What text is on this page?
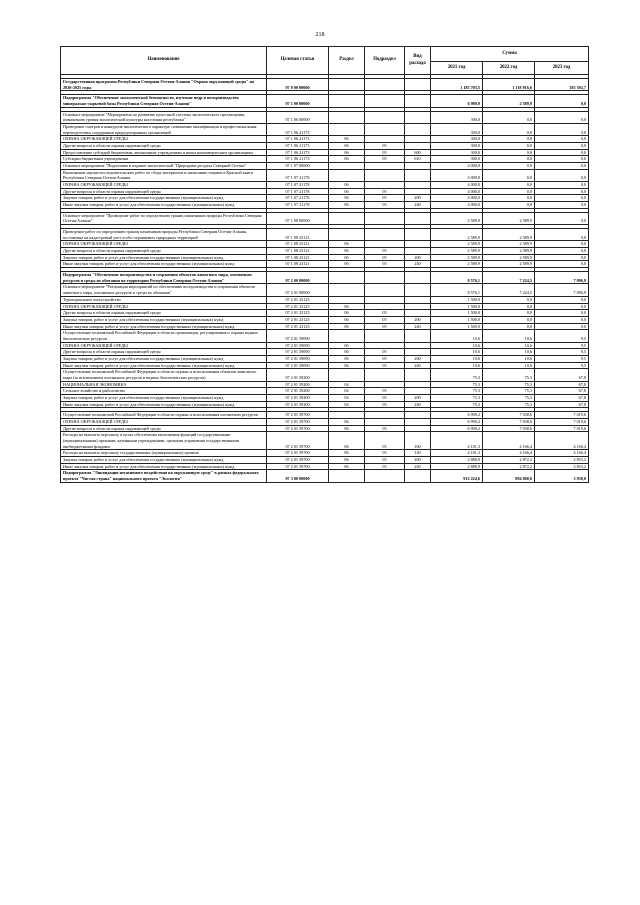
218
Наименование	Целевая статья	Раздел	Подраздел	Вид расхода	Сумма		
					2021 год	2022 год	2023 год

Государственная программа Республики Северная Осетия-Алания "Охрана окружающей среды" на 2020-2025 годы	07 0 00 00000				1 185 703,5	1 118 916,6	185 392,7

Подпрограмма "Обеспечение экологической безопасности, изучение недр и воспроизводство минерально-сырьевой базы Республики Северная Осетия-Алания"	07 1 00 00000				6 989,9	2 589,9	0,0

Основное мероприятие "Мероприятия по развитию целостной системы экологического просвещения, повышению уровня экологической культуры населения республики"	07 1 06 00000				300,0	0,0	0,0
Проведение смотров и конкурсов экологического характера, повышение квалификации и профессиональная переподготовка сотрудников природоохранных организаций	07 1 06 21173				300,0	0,0	0,0
ОХРАНА ОКРУЖАЮЩЕЙ СРЕДЫ	07 1 06 21173	06			300,0	0,0	0,0
Другие вопросы в области охраны окружающей среды	07 1 06 21173	06	05		300,0	0,0	0,0
Предоставление субсидий бюджетным, автономным учреждениям и иным некоммерческим организациям	07 1 06 21173	06	05	600	300,0	0,0	0,0
Субсидии бюджетным учреждениям	07 1 06 21173	06	05	610	300,0	0,0	0,0
Основное мероприятие "Подготовка и издание экологической "Природные ресурсы Северной Осетии"	07 1 07 00000				4 000,0	0,0	0,0
Выполнение научно-исследовательских работ по сбору материалов и написанию очерков в Красной книги Республики Северная Осетия-Алания	07 1 07 21178				4 000,0	0,0	0,0
ОХРАНА ОКРУЖАЮЩЕЙ СРЕДЫ	07 1 07 21178	06			4 000,0	0,0	0,0
Другие вопросы в области охраны окружающей среды	07 1 07 21178	06	05		4 000,0	0,0	0,0
Закупка товаров, работ и услуг для обеспечения государственных (муниципальных) нужд	07 1 07 21178	06	05	200	4 000,0	0,0	0,0
Иные закупки товаров, работ и услуг для обеспечения государственных (муниципальных) нужд	07 1 07 21178	06	05	240	4 000,0	0,0	0,0

Основное мероприятие "Проведение работ по определению границ памятников природы Республики Северная Осетия-Алания"	07 1 08 00000				2 589,9	2 589,9	0,0

Проведение работ по определению границ памятников природы Республики Северная Осетия-Алания, постановка на кадастровый учет особо охраняемых природных территорий	07 1 08 23121				2 589,9	2 589,9	0,0
ОХРАНА ОКРУЖАЮЩЕЙ СРЕДЫ	07 1 08 23121	06			2 589,9	2 589,9	0,0
Другие вопросы в области охраны окружающей среды	07 1 08 23121	06	05		2 589,9	2 589,9	0,0
Закупка товаров, работ и услуг для обеспечения государственных (муниципальных) нужд	07 1 08 23121	06	05	200	2 589,9	2 589,9	0,0
Иные закупки товаров, работ и услуг для обеспечения государственных (муниципальных) нужд	07 1 08 23121	06	05	240	2 589,9	2 589,9	0,0

Подпрограмма "Обеспечение воспроизводства и сохранения объектов животного мира, охотничьих ресурсов и среды их обитания на территории Республики Северная Осетия-Алания"	07 2 00 00000				8 576,1	7 224,5	7 096,9
Основное мероприятие "Реализация мероприятий по обеспечению воспроизводства и сохранения объектов животного мира, охотничьих ресурсов и среды их обитания"	07 2 01 00000				8 576,1	7 224,5	7 096,9
Териториальное охотустройство	07 2 01 23125				1 500,0	0,0	0,0
ОХРАНА ОКРУЖАЮЩЕЙ СРЕДЫ	07 2 01 23125	06			1 500,0	0,0	0,0
Другие вопросы в области охраны окружающей среды	07 2 01 23125	06	05		1 500,0	0,0	0,0
Закупка товаров, работ и услуг для обеспечения государственных (муниципальных) нужд	07 2 01 23125	06	05	200	1 500,0	0,0	0,0
Иные закупки товаров, работ и услуг для обеспечения государственных (муниципальных) нужд	07 2 01 23125	06	05	240	1 500,0	0,0	0,0
Осуществление полномочий Российской Федерации в области организации, регулирования и охраны водных биологических ресурсов	07 2 01 59090				10,6	10,6	9,5
ОХРАНА ОКРУЖАЮЩЕЙ СРЕДЫ	07 2 01 59090	06			10,6	10,6	9,5
Другие вопросы в области охраны окружающей среды	07 2 01 59090	06	05		10,6	10,6	9,5
Закупка товаров, работ и услуг для обеспечения государственных (муниципальных) нужд	07 2 01 59090	06	05	200	10,6	10,6	9,5
Иные закупки товаров, работ и услуг для обеспечения государственных (муниципальных) нужд	07 2 01 59090	06	05	240	10,6	10,6	9,5
Осуществление полномочий Российской Федерации в области охраны и использования объектов животного мира (за исключением охотничьих ресурсов и водных биологических ресурсов)	07 2 01 59200				75,3	75,3	67,8
НАЦИОНАЛЬНАЯ ЭКОНОМИКА	07 2 01 59200	04			75,3	75,3	67,8
Сельское хозяйство и рыболовство	07 2 01 59200	04	05		75,3	75,3	67,8
Закупка товаров, работ и услуг для обеспечения государственных (муниципальных) нужд	07 2 01 59200	04	05	200	75,3	75,3	67,8
Иные закупки товаров, работ и услуг для обеспечения государственных (муниципальных) нужд	07 2 01 59200	04	05	240	75,3	75,3	67,8

Осуществление полномочий Российской Федерации в области охраны и использования охотничьих ресурсов	07 2 01 59700				6 990,2	7 038,6	7 019,6
ОХРАНА ОКРУЖАЮЩЕЙ СРЕДЫ	07 2 01 59700	06			6 990,2	7 038,6	7 019,6
Другие вопросы в области охраны окружающей среды	07 2 01 59700	06	05		6 990,2	7 038,6	7 019,6
Расходы на выплаты персоналу в целях обеспечения выполнения функций государственными (муниципальными) органами, казенными учреждениями, органами управления государственными внебюджетными фондами	07 2 01 59700	06	05	100	4 101,3	4 166,4	4 166,4
Расходы на выплаты персоналу государственных (муниципальных) органов	07 2 01 59700	06	05	120	4 101,3	4 166,4	4 166,4
Закупка товаров, работ и услуг для обеспечения государственных (муниципальных) нужд	07 2 01 59700	06	05	200	2 888,9	2 872,2	2 853,2
Иные закупки товаров, работ и услуг для обеспечения государственных (муниципальных) нужд	07 2 01 59700	06	05	240	2 888,9	2 872,2	2 853,2
Подпрограмма "Ликвидация негативного воздействия на окружающую среду" в рамках федерального проекта "Чистая страна" национального проекта "Экология"	07 3 00 00000				912 224,6	894 068,0	3 938,0
